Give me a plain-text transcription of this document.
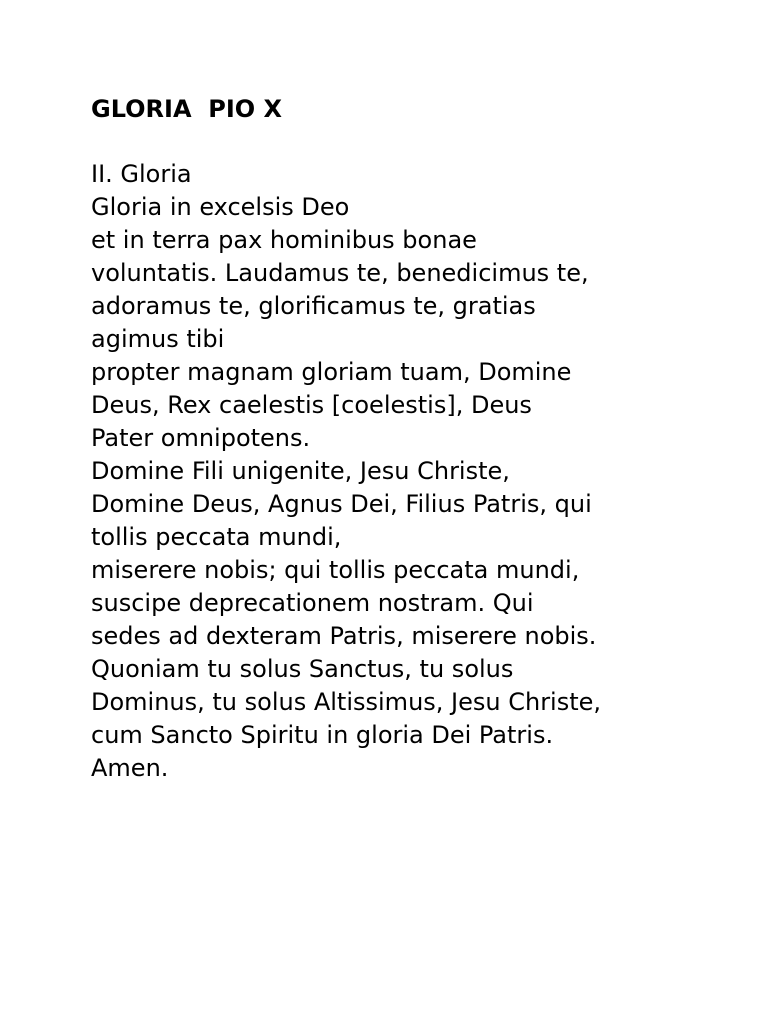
GLORIA  PIO X

II. Gloria

Gloria in excelsis Deo

et in terra pax hominibus bonae

voluntatis. Laudamus te, benedicimus te,

adoramus te, glorificamus te, gratias

agimus tibi

propter magnam gloriam tuam, Domine

Deus, Rex caelestis [coelestis], Deus

Pater omnipotens.

Domine Fili unigenite, Jesu Christe,

Domine Deus, Agnus Dei, Filius Patris, qui

tollis peccata mundi,

miserere nobis; qui tollis peccata mundi,

suscipe deprecationem nostram. Qui

sedes ad dexteram Patris, miserere nobis.

Quoniam tu solus Sanctus, tu solus

Dominus, tu solus Altissimus, Jesu Christe,

cum Sancto Spiritu in gloria Dei Patris.

Amen.
